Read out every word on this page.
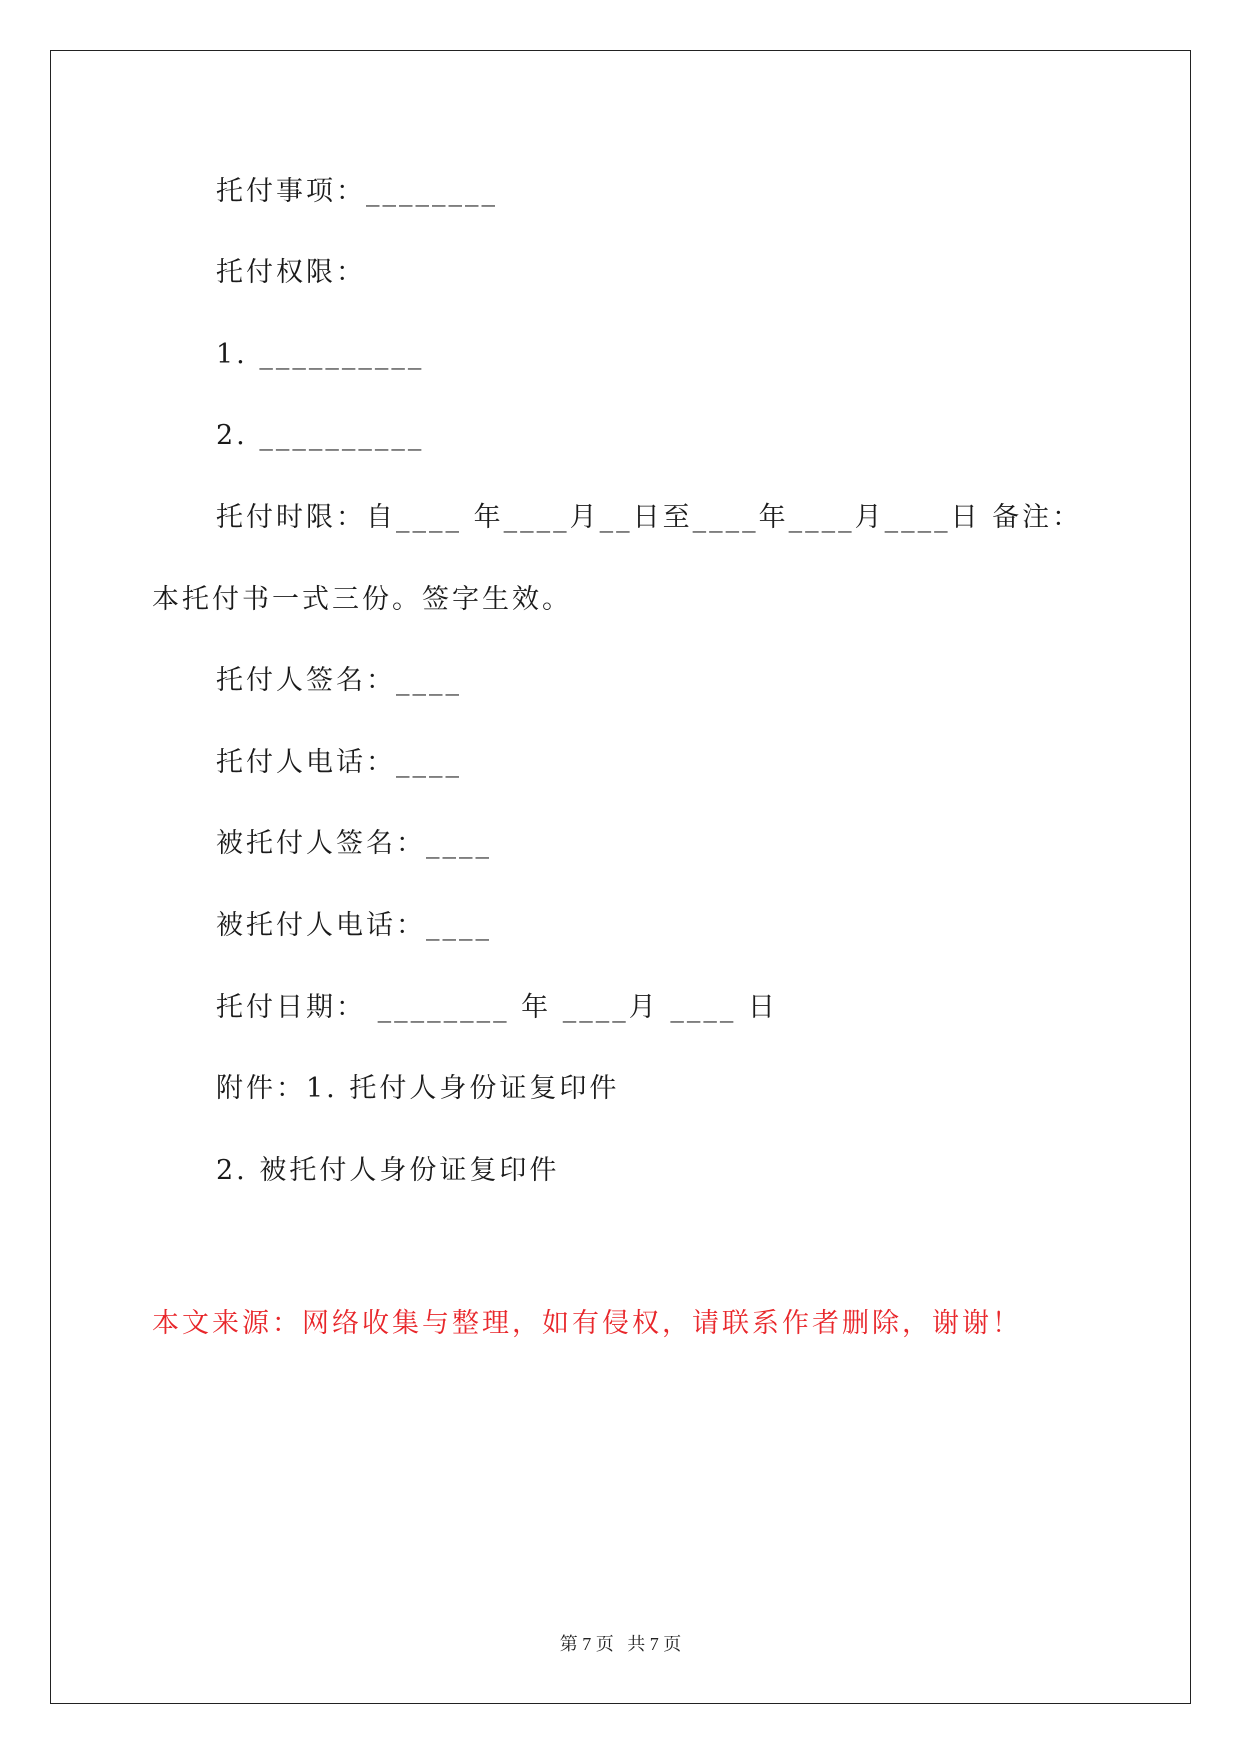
托付事项：________
托付权限：
1. __________
2. __________
托付时限：自____ 年____月__日至____年____月____日 备注：
本托付书一式三份。签字生效。
托付人签名：____
托付人电话：____
被托付人签名：____
被托付人电话：____
托付日期： ________ 年 ____月 ____ 日
附件：1. 托付人身份证复印件
2. 被托付人身份证复印件
本文来源：网络收集与整理，如有侵权，请联系作者删除，谢谢！
第 7 页   共 7 页
